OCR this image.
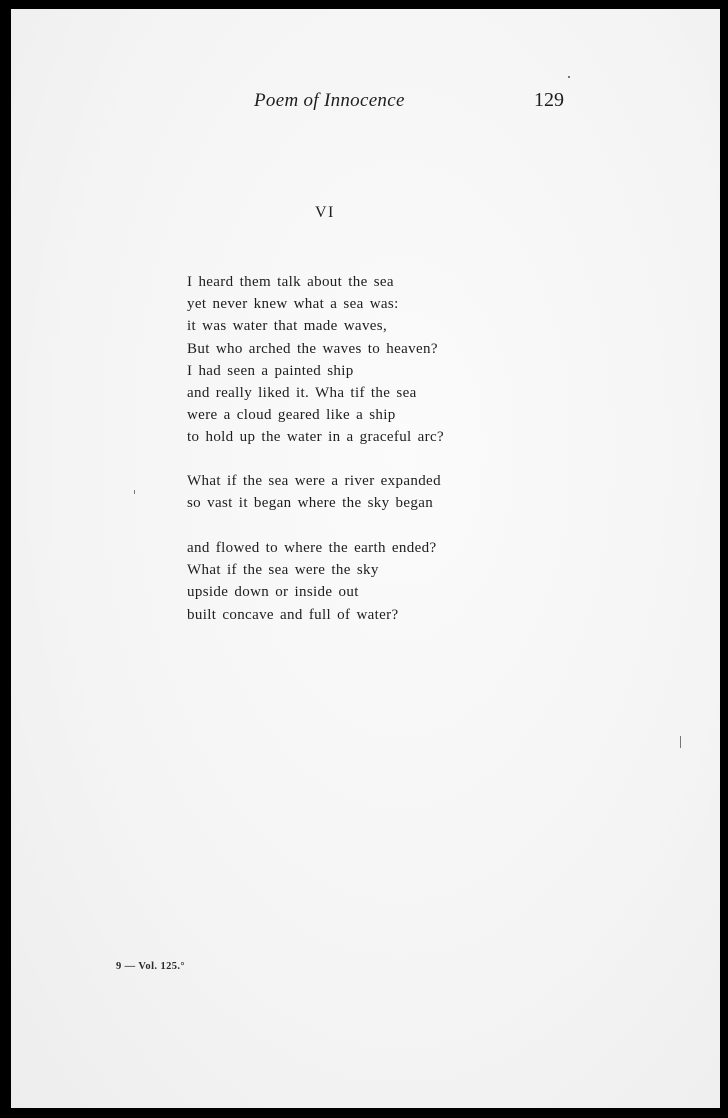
Poem of Innocence	129
VI
I heard them talk about the sea
yet never knew what a sea was:
it was water that made waves,
But who arched the waves to heaven?
I had seen a painted ship
and really liked it. Wha tif the sea
were a cloud geared like a ship
to hold up the water in a graceful arc?
What if the sea were a river expanded
so vast it began where the sky began
and flowed to where the earth ended?
What if the sea were the sky
upside down or inside out
built concave and full of water?
9 — Vol. 125.°
